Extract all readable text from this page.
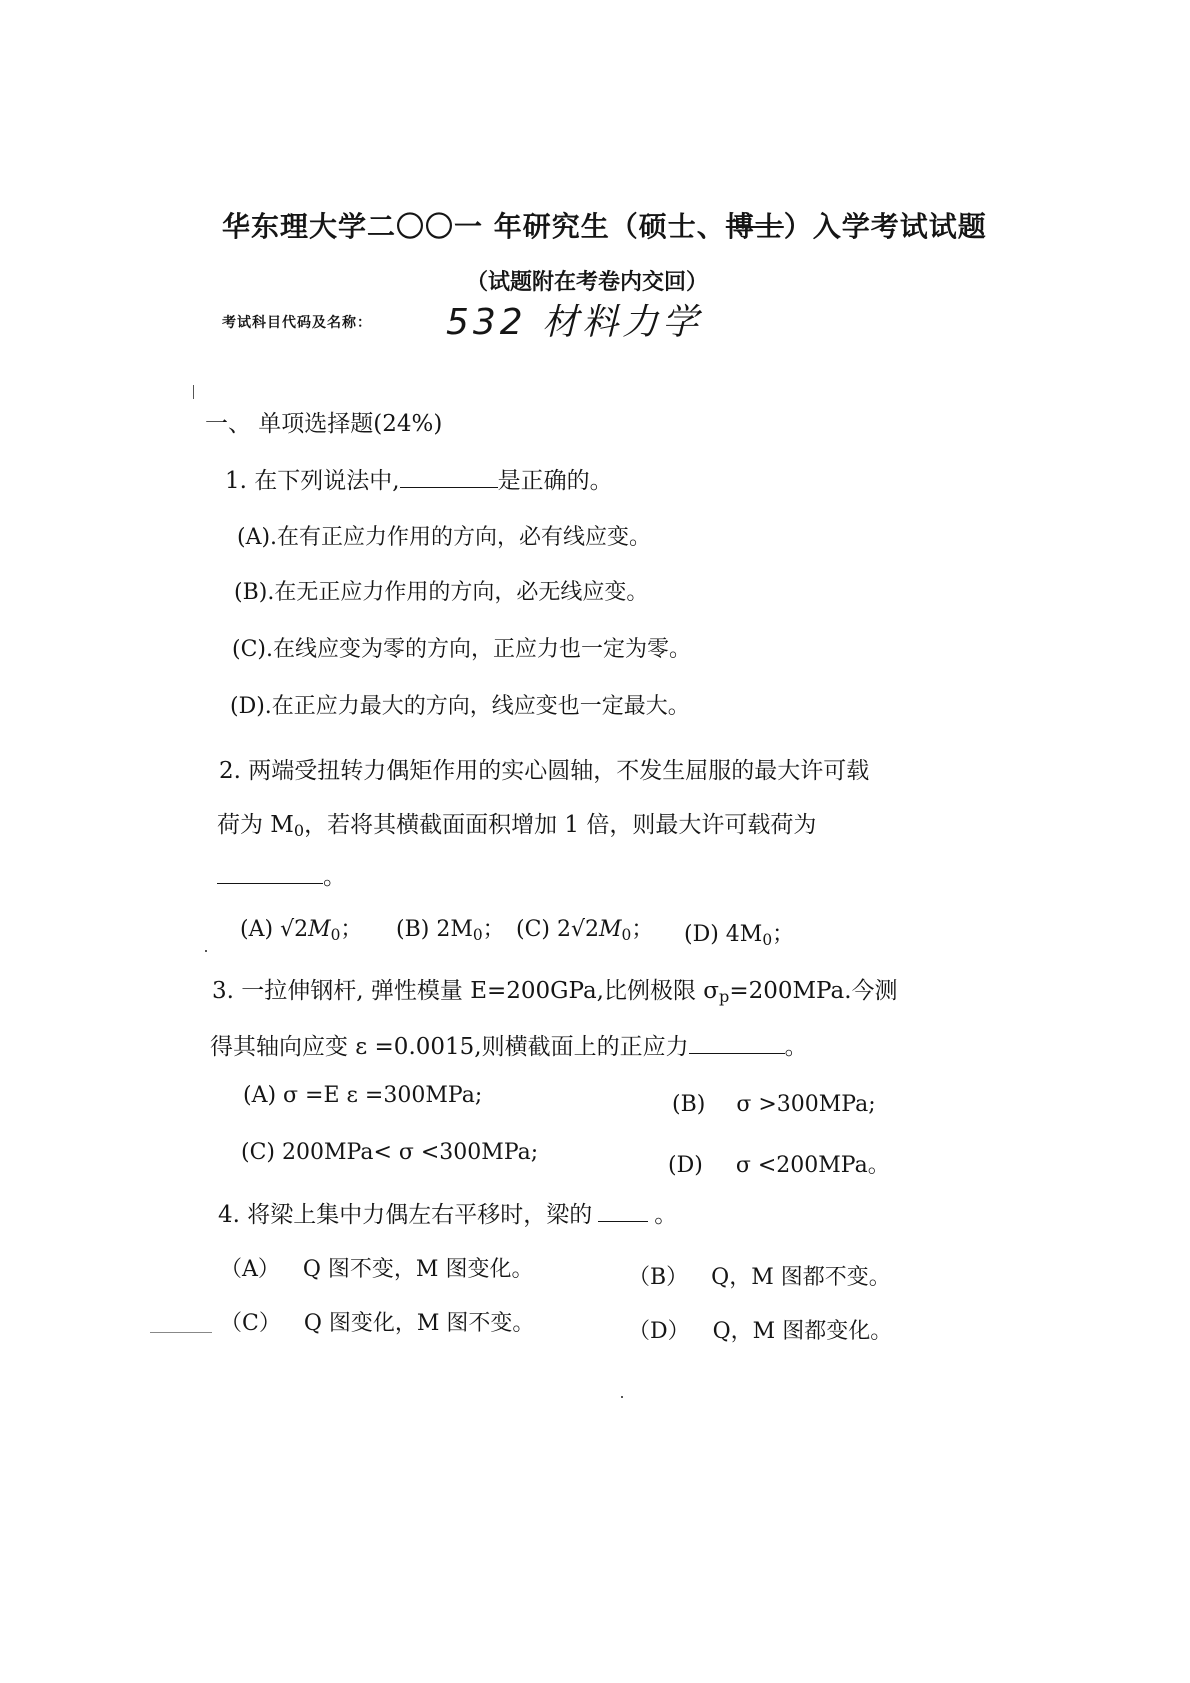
华东理大学二〇〇一 年研究生（硕士、博士）入学考试试题
（试题附在考卷内交回）
考试科目代码及名称： 532 材料力学
一、 单项选择题(24%)
1. 在下列说法中,	是正确的。
(A).在有正应力作用的方向，必有线应变。
(B).在无正应力作用的方向，必无线应变。
(C).在线应变为零的方向，正应力也一定为零。
(D).在正应力最大的方向，线应变也一定最大。
2. 两端受扭转力偶矩作用的实心圆轴，不发生屈服的最大许可载
荷为 $M_0$，若将其横截面面积增加 1 倍，则最大许可载荷为
。
(A) $√2M_0$； (B) $2M_0$； (C) $2√2M_0$； (D) $4M_0$；
3. 一拉伸钢杆, 弹性模量 E=200GPa,比例极限 $\sigma_p=200MPa$.今测
得其轴向应变 ε =0.0015,则横截面上的正应力	。
(A) σ =E ε =300MPa;	(B) σ >300MPa;
(C) 200MPa< σ <300MPa;
(D) σ <200MPa。
4. 将梁上集中力偶左右平移时，梁的	。
（A） Q 图不变，M 图变化。	（B） Q，M 图都不变。
（C） Q 图变化，M 图不变。	（D） Q，M 图都变化。
